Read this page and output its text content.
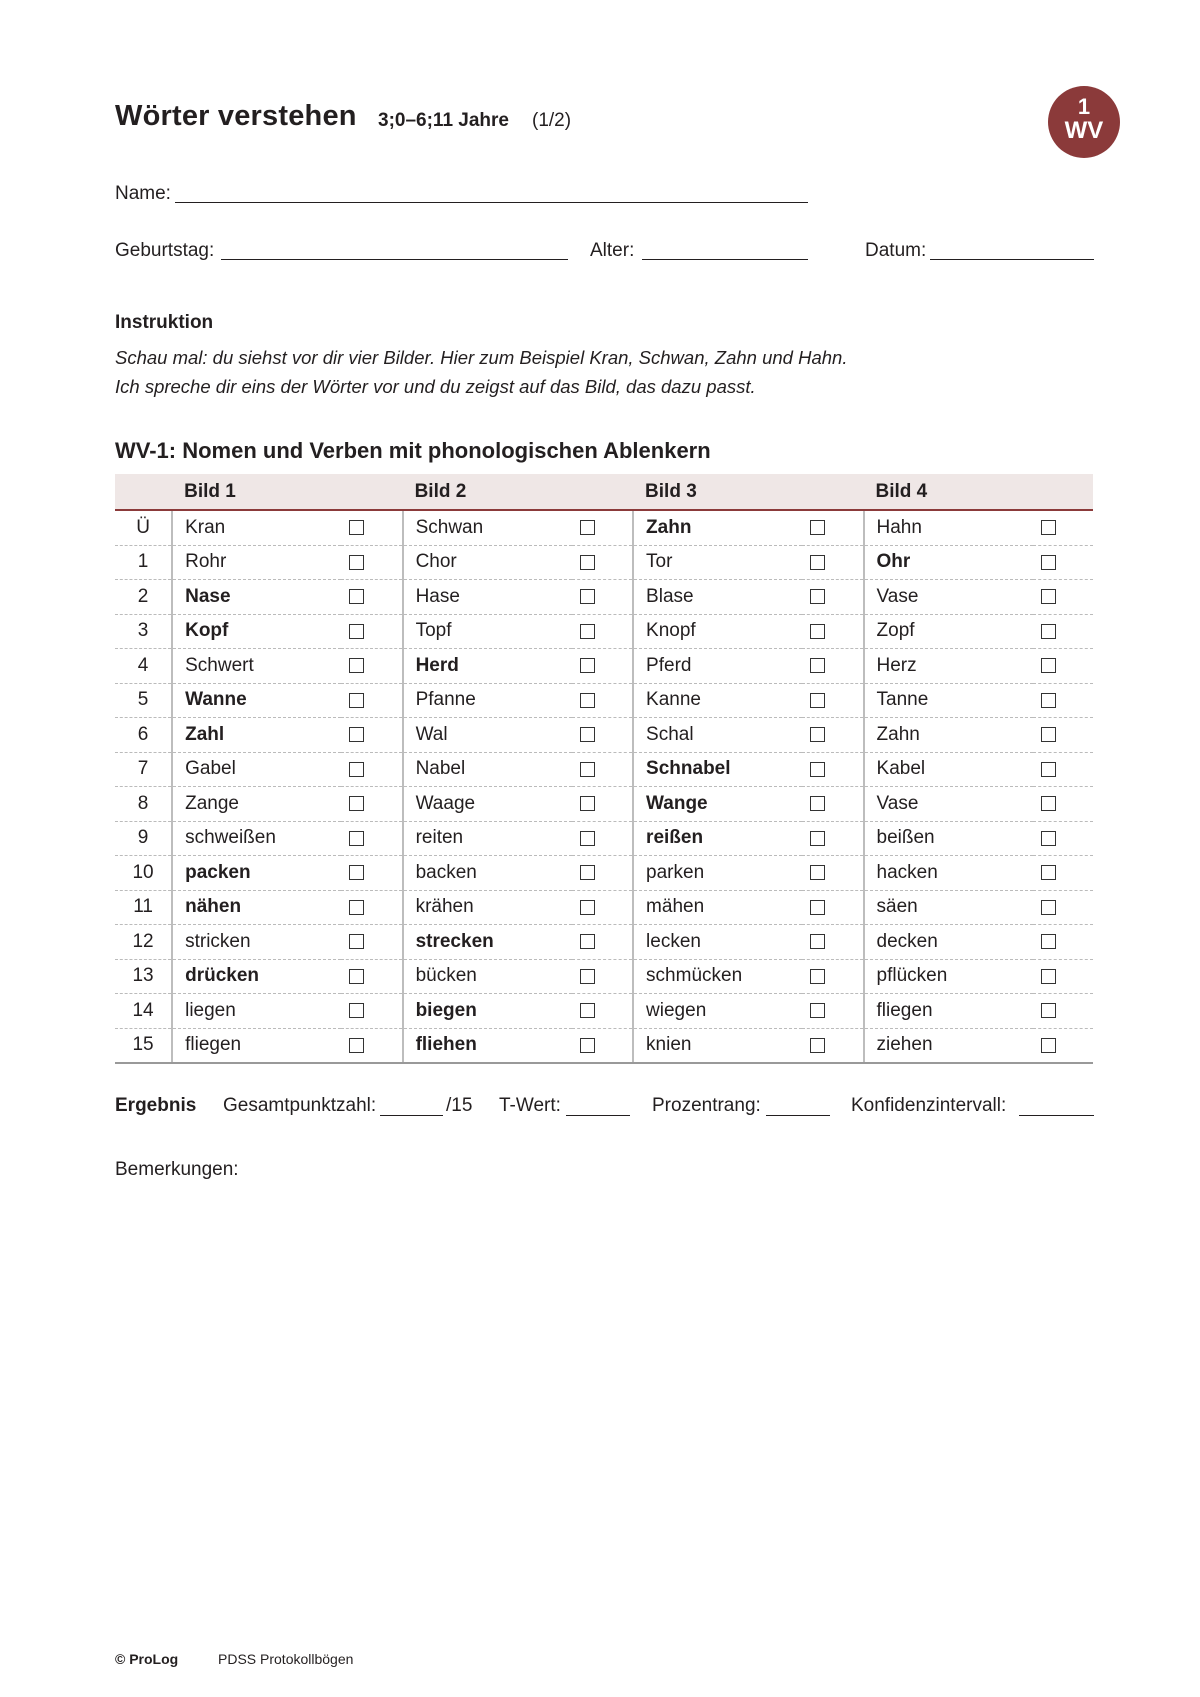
Wörter verstehen 3;0–6;11 Jahre (1/2)
1
WV
Name:
Geburtstag:	Alter:	Datum:
Instruktion
Schau mal: du siehst vor dir vier Bilder. Hier zum Beispiel Kran, Schwan, Zahn und Hahn.
Ich spreche dir eins der Wörter vor und du zeigst auf das Bild, das dazu passt.
WV-1: Nomen und Verben mit phonologischen Ablenkern
	Bild 1		Bild 2		Bild 3		Bild 4	
Ü	Kran		Schwan		Zahn		Hahn	
1	Rohr		Chor		Tor		Ohr	
2	Nase		Hase		Blase		Vase	
3	Kopf		Topf		Knopf		Zopf	
4	Schwert		Herd		Pferd		Herz	
5	Wanne		Pfanne		Kanne		Tanne	
6	Zahl		Wal		Schal		Zahn	
7	Gabel		Nabel		Schnabel		Kabel	
8	Zange		Waage		Wange		Vase	
9	schweißen		reiten		reißen		beißen	
10	packen		backen		parken		hacken	
11	nähen		krähen		mähen		säen	
12	stricken		strecken		lecken		decken	
13	drücken		bücken		schmücken		pflücken	
14	liegen		biegen		wiegen		fliegen	
15	fliegen		fliehen		knien		ziehen	
Ergebnis Gesamtpunktzahl:	/15 T-Wert:	Prozentrang:	Konfidenzintervall:
Bemerkungen:
© ProLog	PDSS Protokollbögen
